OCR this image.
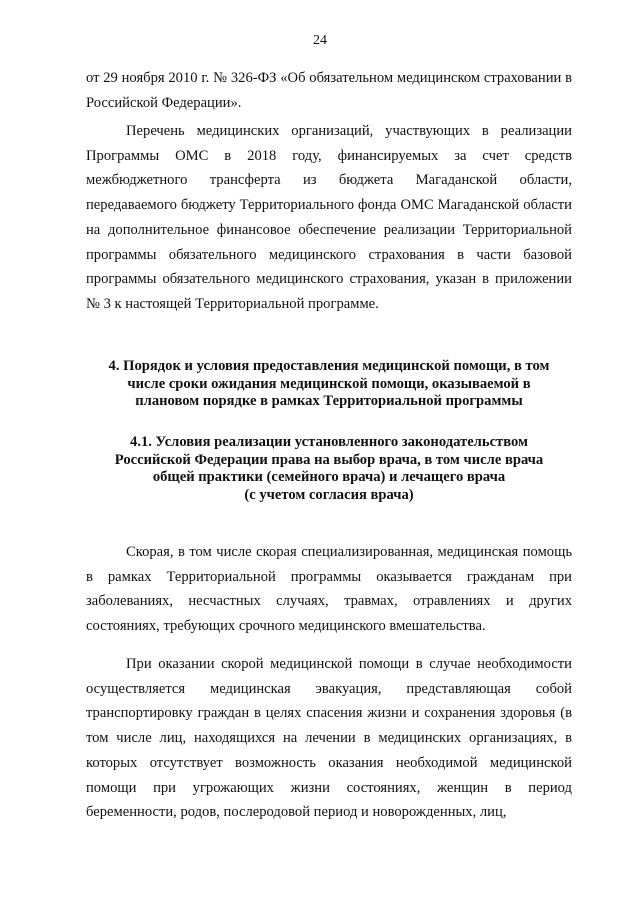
24

от 29 ноября 2010 г. № 326-ФЗ «Об обязательном медицинском страховании в Российской Федерации».

Перечень медицинских организаций, участвующих в реализации Программы ОМС в 2018 году, финансируемых за счет средств межбюджетного трансферта из бюджета Магаданской области, передаваемого бюджету Территориального фонда ОМС Магаданской области на дополнительное финансовое обеспечение реализации Территориальной программы обязательного медицинского страхования в части базовой программы обязательного медицинского страхования, указан в приложении № 3 к настоящей Территориальной программе.

4. Порядок и условия предоставления медицинской помощи, в том
числе сроки ожидания медицинской помощи, оказываемой в
плановом порядке в рамках Территориальной программы
4.1. Условия реализации установленного законодательством
Российской Федерации права на выбор врача, в том числе врача
общей практики (семейного врача) и лечащего врача
(с учетом согласия врача)

Скорая, в том числе скорая специализированная, медицинская помощь в рамках Территориальной программы оказывается гражданам при заболеваниях, несчастных случаях, травмах, отравлениях и других состояниях, требующих срочного медицинского вмешательства.

При оказании скорой медицинской помощи в случае необходимости осуществляется медицинская эвакуация, представляющая собой транспортировку граждан в целях спасения жизни и сохранения здоровья (в том числе лиц, находящихся на лечении в медицинских организациях, в которых отсутствует возможность оказания необходимой медицинской помощи при угрожающих жизни состояниях, женщин в период беременности, родов, послеродовой период и новорожденных, лиц,
